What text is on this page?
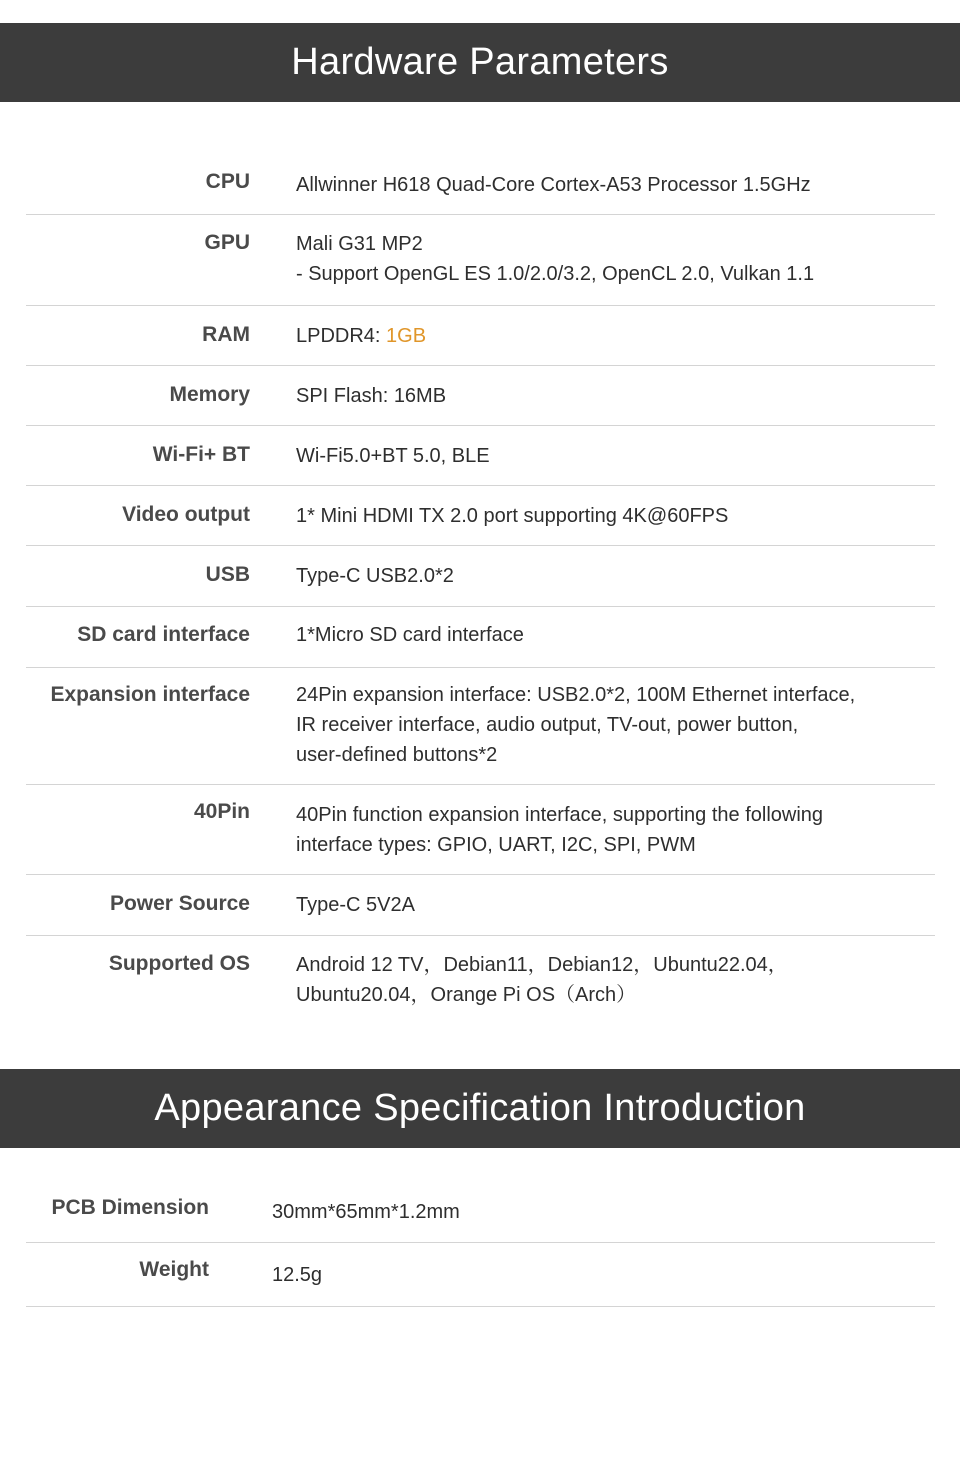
Hardware Parameters
CPU Allwinner H618 Quad-Core Cortex-A53 Processor 1.5GHz
GPU Mali G31 MP2
- Support OpenGL ES 1.0/2.0/3.2, OpenCL 2.0, Vulkan 1.1
RAM LPDDR4: 1GB
Memory SPI Flash: 16MB
Wi-Fi+ BT Wi-Fi5.0+BT 5.0, BLE
Video output 1* Mini HDMI TX 2.0 port supporting 4K@60FPS
USB Type-C USB2.0*2
SD card interface 1*Micro SD card interface
Expansion interface 24Pin expansion interface: USB2.0*2, 100M Ethernet interface,
IR receiver interface, audio output, TV-out, power button,
user-defined buttons*2
40Pin 40Pin function expansion interface, supporting the following
interface types: GPIO, UART, I2C, SPI, PWM
Power Source Type-C 5V2A
Supported OS Android 12 TV，Debian11，Debian12，Ubuntu22.04，
Ubuntu20.04，Orange Pi OS（Arch）
Appearance Specification Introduction
PCB Dimension	30mm*65mm*1.2mm
Weight	12.5g
